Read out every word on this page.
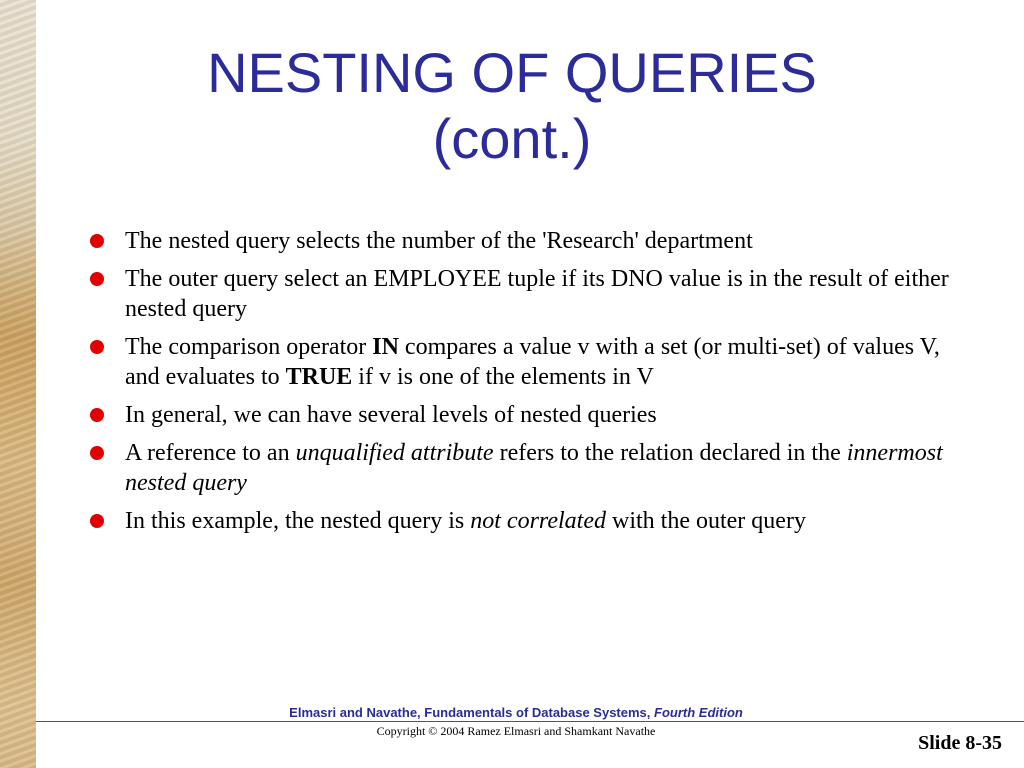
NESTING OF QUERIES
(cont.)
The nested query selects the number of the 'Research' department
The outer query select an EMPLOYEE tuple if its DNO value is in the result of either nested query
The comparison operator IN compares a value v with a set (or multi-set) of values V, and evaluates to TRUE if v is one of the elements in V
In general, we can have several levels of nested queries
A reference to an unqualified attribute refers to the relation declared in the innermost nested query
In this example, the nested query is not correlated with the outer query
Elmasri and Navathe, Fundamentals of Database Systems, Fourth Edition
Copyright © 2004 Ramez Elmasri and Shamkant Navathe
Slide 8-35
